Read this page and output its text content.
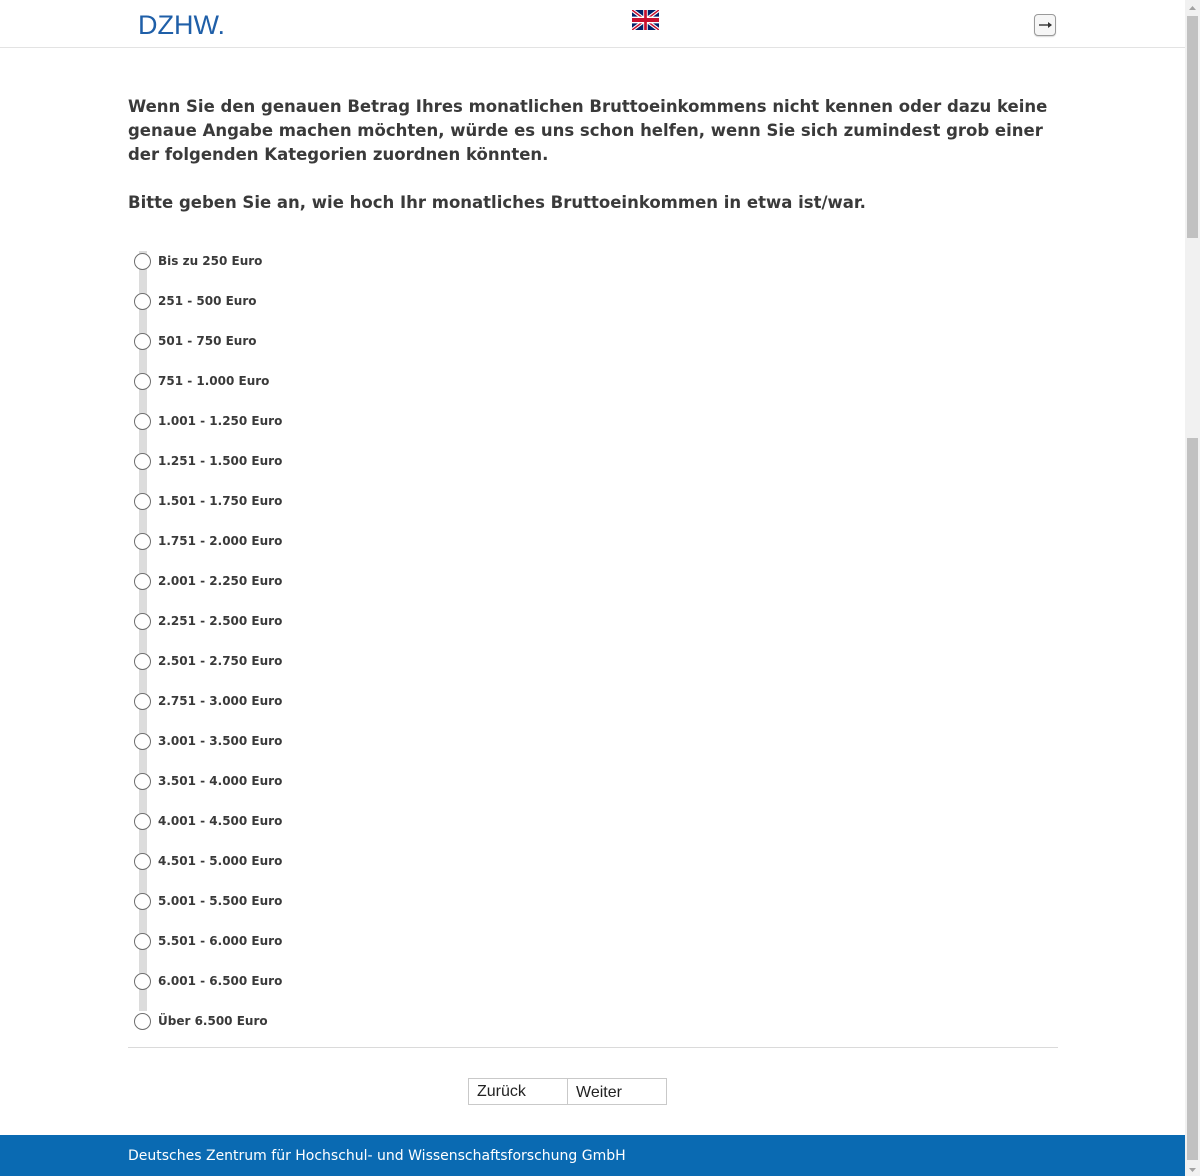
DZHW.
Wenn Sie den genauen Betrag Ihres monatlichen Bruttoeinkommens nicht kennen oder dazu keine genaue Angabe machen möchten, würde es uns schon helfen, wenn Sie sich zumindest grob einer der folgenden Kategorien zuordnen könnten.
Bitte geben Sie an, wie hoch Ihr monatliches Bruttoeinkommen in etwa ist/war.
Bis zu 250 Euro
251 - 500 Euro
501 - 750 Euro
751 - 1.000 Euro
1.001 - 1.250 Euro
1.251 - 1.500 Euro
1.501 - 1.750 Euro
1.751 - 2.000 Euro
2.001 - 2.250 Euro
2.251 - 2.500 Euro
2.501 - 2.750 Euro
2.751 - 3.000 Euro
3.001 - 3.500 Euro
3.501 - 4.000 Euro
4.001 - 4.500 Euro
4.501 - 5.000 Euro
5.001 - 5.500 Euro
5.501 - 6.000 Euro
6.001 - 6.500 Euro
Über 6.500 Euro
Zurück	Weiter
Deutsches Zentrum für Hochschul- und Wissenschaftsforschung GmbH
